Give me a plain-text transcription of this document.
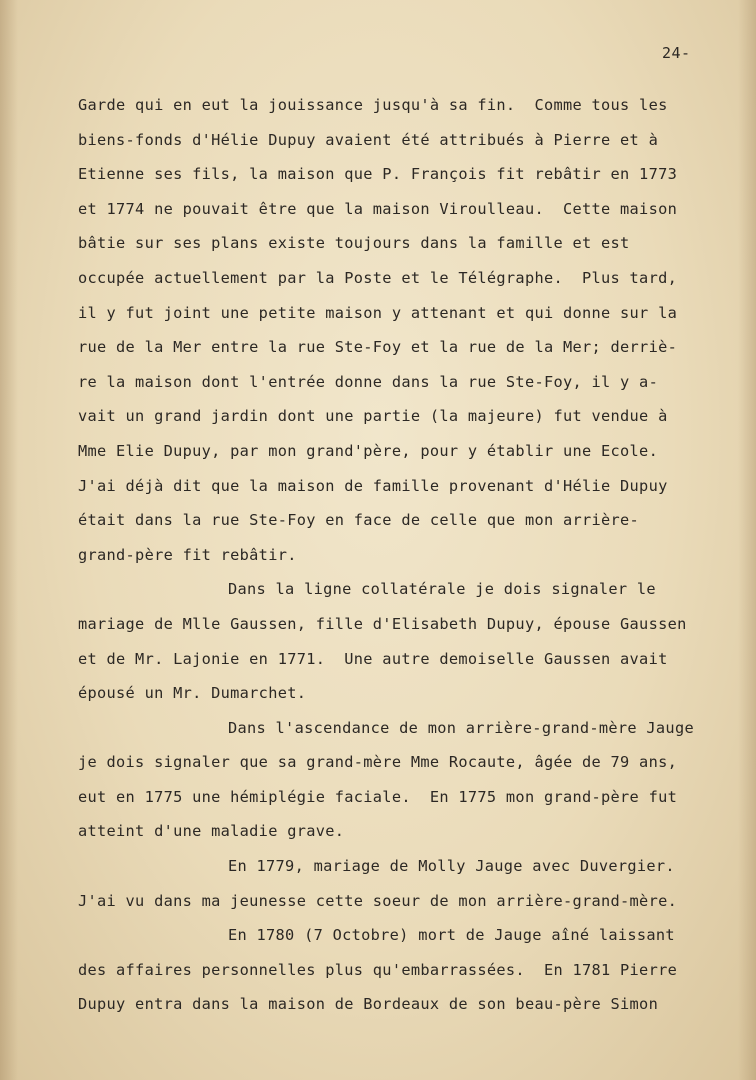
24-
Garde qui en eut la jouissance jusqu'à sa fin.  Comme tous les
biens-fonds d'Hélie Dupuy avaient été attribués à Pierre et à
Etienne ses fils, la maison que P. François fit rebâtir en 1773
et 1774 ne pouvait être que la maison Viroulleau.  Cette maison
bâtie sur ses plans existe toujours dans la famille et est
occupée actuellement par la Poste et le Télégraphe.  Plus tard,
il y fut joint une petite maison y attenant et qui donne sur la
rue de la Mer entre la rue Ste-Foy et la rue de la Mer; derriè-
re la maison dont l'entrée donne dans la rue Ste-Foy, il y a-
vait un grand jardin dont une partie (la majeure) fut vendue à
Mme Elie Dupuy, par mon grand'père, pour y établir une Ecole.
J'ai déjà dit que la maison de famille provenant d'Hélie Dupuy
était dans la rue Ste-Foy en face de celle que mon arrière-
grand-père fit rebâtir.
Dans la ligne collatérale je dois signaler le
mariage de Mlle Gaussen, fille d'Elisabeth Dupuy, épouse Gaussen
et de Mr. Lajonie en 1771.  Une autre demoiselle Gaussen avait
épousé un Mr. Dumarchet.
Dans l'ascendance de mon arrière-grand-mère Jauge
je dois signaler que sa grand-mère Mme Rocaute, âgée de 79 ans,
eut en 1775 une hémiplégie faciale.  En 1775 mon grand-père fut
atteint d'une maladie grave.
En 1779, mariage de Molly Jauge avec Duvergier.
J'ai vu dans ma jeunesse cette soeur de mon arrière-grand-mère.
En 1780 (7 Octobre) mort de Jauge aîné laissant
des affaires personnelles plus qu'embarrassées.  En 1781 Pierre
Dupuy entra dans la maison de Bordeaux de son beau-père Simon
